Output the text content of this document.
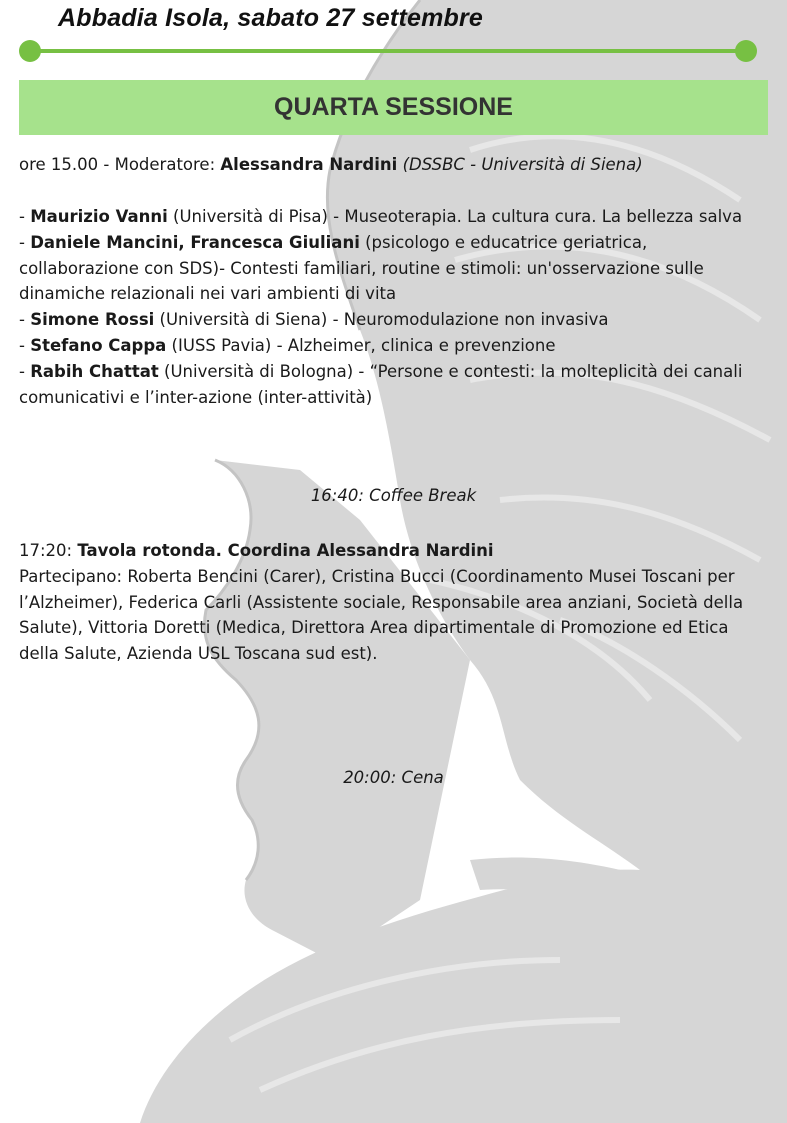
Abbadia Isola, sabato 27 settembre
QUARTA SESSIONE
ore 15.00 - Moderatore: Alessandra Nardini (DSSBC - Università di Siena)
- Maurizio Vanni (Università di Pisa) - Museoterapia. La cultura cura. La bellezza salva
- Daniele Mancini, Francesca Giuliani (psicologo e educatrice geriatrica, collaborazione con SDS)- Contesti familiari, routine e stimoli: un'osservazione sulle dinamiche relazionali nei vari ambienti di vita
- Simone Rossi (Università di Siena) - Neuromodulazione non invasiva
- Stefano Cappa (IUSS Pavia) - Alzheimer, clinica e prevenzione
- Rabih Chattat (Università di Bologna) - “Persone e contesti: la molteplicità dei canali comunicativi e l’inter-azione (inter-attività)
16:40: Coffee Break
17:20: Tavola rotonda. Coordina Alessandra Nardini
Partecipano: Roberta Bencini (Carer), Cristina Bucci (Coordinamento Musei Toscani per l’Alzheimer), Federica Carli (Assistente sociale, Responsabile area anziani, Società della Salute), Vittoria Doretti (Medica, Direttora Area dipartimentale di Promozione ed Etica della Salute, Azienda USL Toscana sud est).
20:00: Cena
